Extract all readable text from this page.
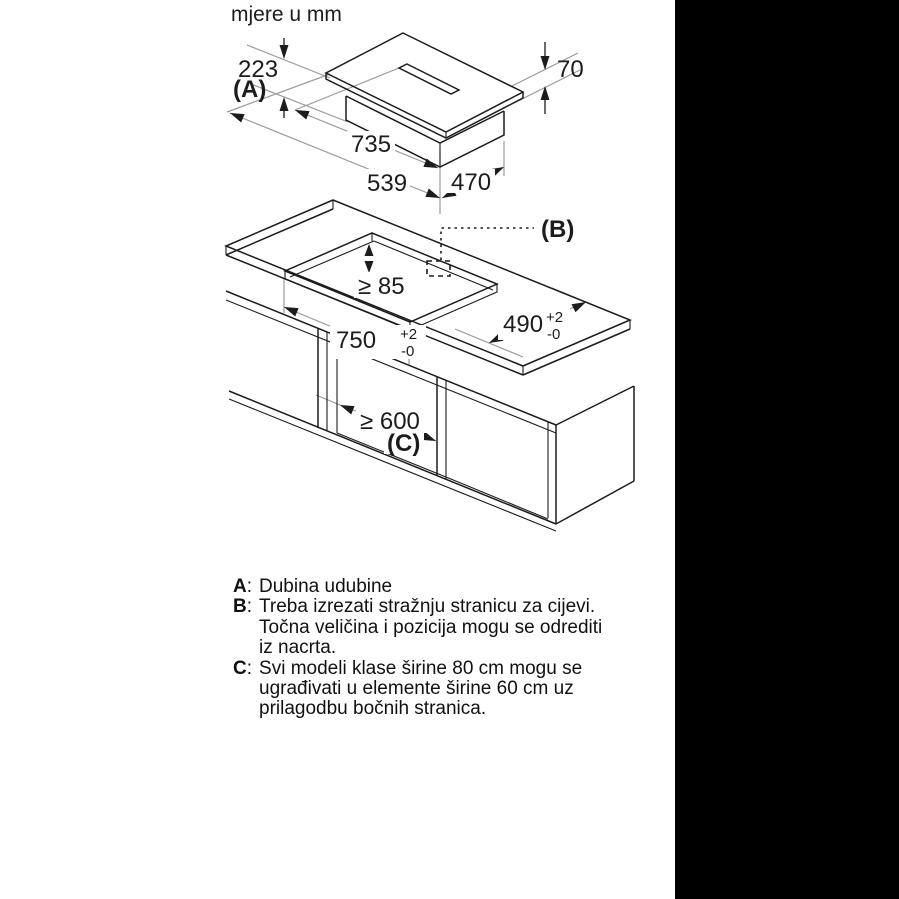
mjere u mm
223
(A)
70
735
539 470
(B)
≥ 85
750 +2 -0
490 +2 -0
≥ 600
(C)
A : Dubina udubine
B : Treba izrezati stražnju stranicu za cijevi.
Točna veličina i pozicija mogu se odrediti
iz nacrta.
C : Svi modeli klase širine 80 cm mogu se
ugrađivati u elemente širine 60 cm uz
prilagodbu bočnih stranica.
